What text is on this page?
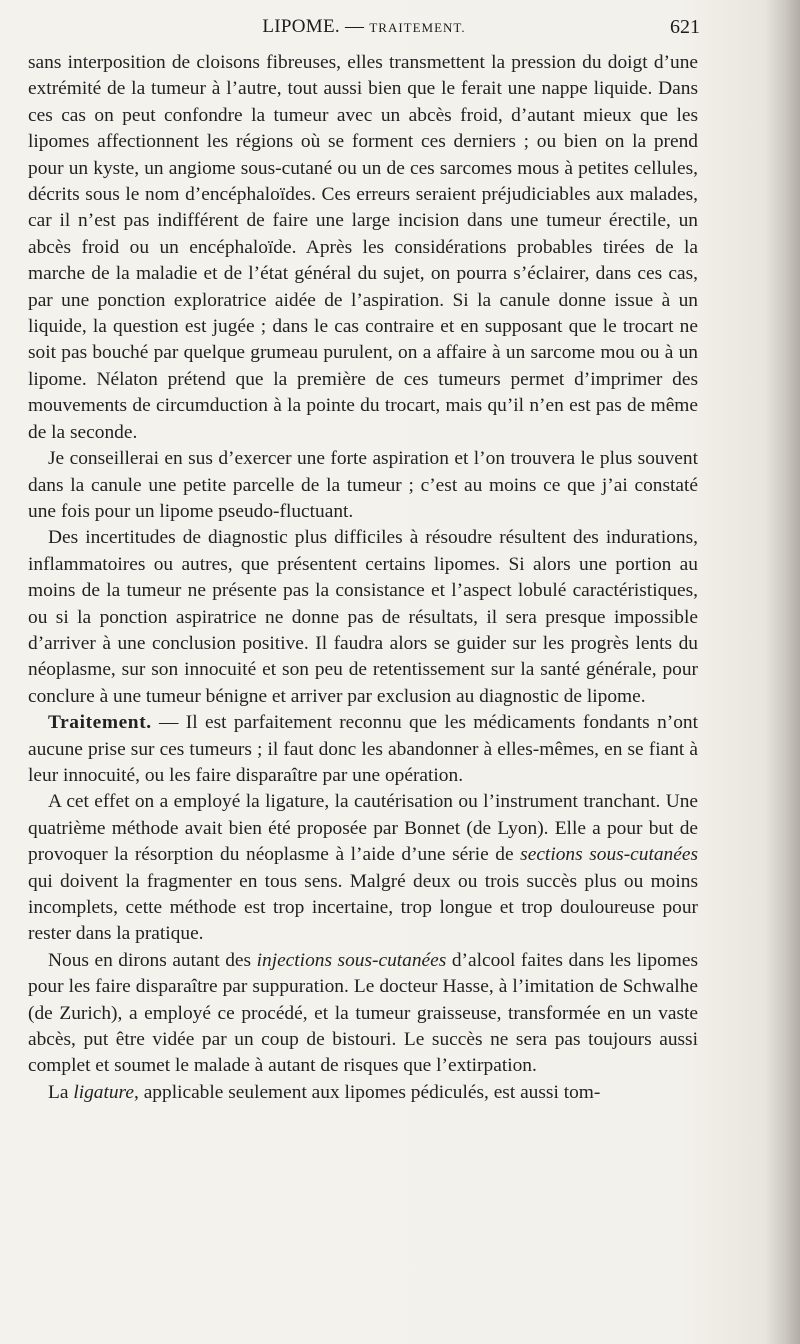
LIPOME. — TRAITEMENT.	621

sans interposition de cloisons fibreuses, elles transmettent la pression du doigt d’une extrémité de la tumeur à l’autre, tout aussi bien que le ferait une nappe liquide. Dans ces cas on peut confondre la tumeur avec un abcès froid, d’autant mieux que les lipomes affectionnent les régions où se forment ces derniers ; ou bien on la prend pour un kyste, un angiome sous-cutané ou un de ces sarcomes mous à petites cellules, décrits sous le nom d’encéphaloïdes. Ces erreurs seraient préjudiciables aux malades, car il n’est pas indifférent de faire une large incision dans une tumeur érectile, un abcès froid ou un encéphaloïde. Après les considérations probables tirées de la marche de la maladie et de l’état général du sujet, on pourra s’éclairer, dans ces cas, par une ponction exploratrice aidée de l’aspiration. Si la canule donne issue à un liquide, la question est jugée ; dans le cas contraire et en supposant que le trocart ne soit pas bouché par quelque grumeau purulent, on a affaire à un sarcome mou ou à un lipome. Nélaton prétend que la première de ces tumeurs permet d’imprimer des mouvements de circumduction à la pointe du trocart, mais qu’il n’en est pas de même de la seconde.

Je conseillerai en sus d’exercer une forte aspiration et l’on trouvera le plus souvent dans la canule une petite parcelle de la tumeur ; c’est au moins ce que j’ai constaté une fois pour un lipome pseudo-fluctuant.

Des incertitudes de diagnostic plus difficiles à résoudre résultent des indurations, inflammatoires ou autres, que présentent certains lipomes. Si alors une portion au moins de la tumeur ne présente pas la consistance et l’aspect lobulé caractéristiques, ou si la ponction aspiratrice ne donne pas de résultats, il sera presque impossible d’arriver à une conclusion positive. Il faudra alors se guider sur les progrès lents du néoplasme, sur son innocuité et son peu de retentissement sur la santé générale, pour conclure à une tumeur bénigne et arriver par exclusion au diagnostic de lipome.

Traitement. — Il est parfaitement reconnu que les médicaments fondants n’ont aucune prise sur ces tumeurs ; il faut donc les abandonner à elles-mêmes, en se fiant à leur innocuité, ou les faire disparaître par une opération.

A cet effet on a employé la ligature, la cautérisation ou l’instrument tranchant. Une quatrième méthode avait bien été proposée par Bonnet (de Lyon). Elle a pour but de provoquer la résorption du néoplasme à l’aide d’une série de sections sous-cutanées qui doivent la fragmenter en tous sens. Malgré deux ou trois succès plus ou moins incomplets, cette méthode est trop incertaine, trop longue et trop douloureuse pour rester dans la pratique.

Nous en dirons autant des injections sous-cutanées d’alcool faites dans les lipomes pour les faire disparaître par suppuration. Le docteur Hasse, à l’imitation de Schwalhe (de Zurich), a employé ce procédé, et la tumeur graisseuse, transformée en un vaste abcès, put être vidée par un coup de bistouri. Le succès ne sera pas toujours aussi complet et soumet le malade à autant de risques que l’extirpation.

La ligature, applicable seulement aux lipomes pédiculés, est aussi tom-
